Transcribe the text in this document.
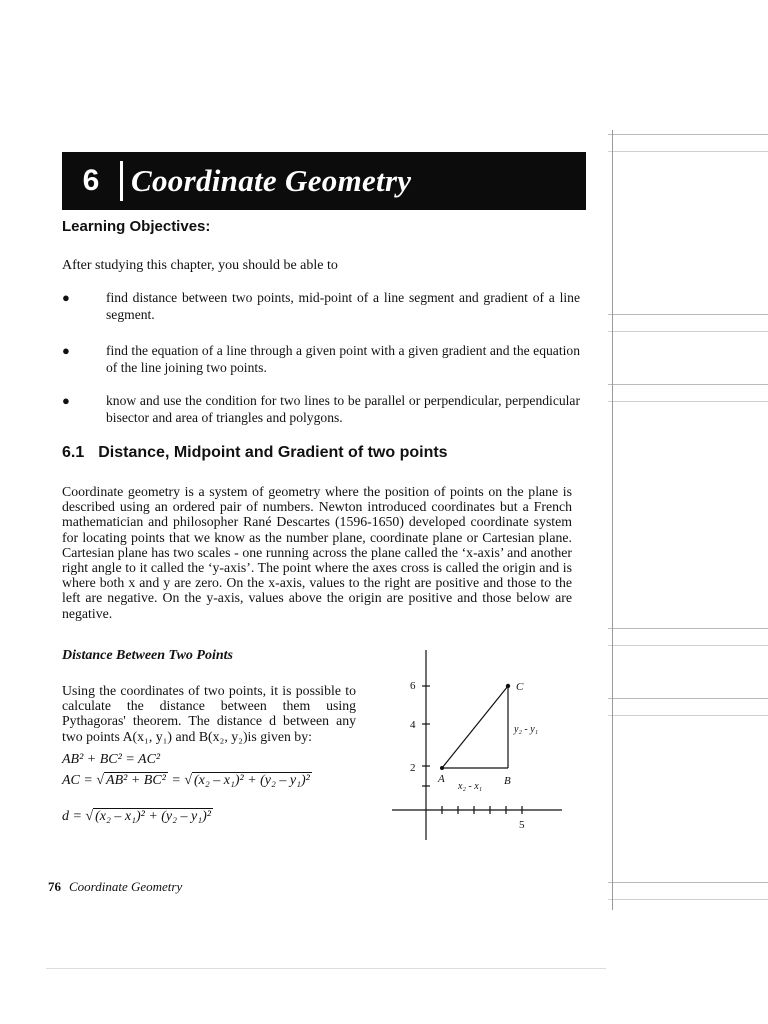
6	Coordinate Geometry
Learning Objectives:
After studying this chapter, you should be able to
●	find distance between two points, mid-point of a line segment and gradient of a line segment.
●	find the equation of a line through a given point with a given gradient and the equation of the line joining two points.
●	know and use the condition for two lines to be parallel or perpendicular, perpendicular bisector and area of triangles and polygons.
6.1 Distance, Midpoint and Gradient of two points
Coordinate geometry is a system of geometry where the position of points on the plane is described using an ordered pair of numbers. Newton introduced coordinates but a French mathematician and philosopher Rané Descartes (1596-1650) developed coordinate system for locating points that we know as the number plane, coordinate plane or Cartesian plane. Cartesian plane has two scales - one running across the plane called the ‘x-axis’ and another right angle to it called the ‘y-axis’. The point where the axes cross is called the origin and is where both x and y are zero. On the x-axis, values to the right are positive and those to the left are negative. On the y-axis, values above the origin are positive and those below are negative.
Distance Between Two Points
Using the coordinates of two points, it is possible to calculate the distance between them using Pythagoras' theorem. The distance d between any two points A(x₁, y₁) and B(x₂, y₂)is given by:
AB² + BC² = AC²
AC = √ AB² + BC² = √ (x₂ – x₁)² + (y₂ – y₁)²
d = √ (x₂ – x₁)² + (y₂ – y₁)²
6
4
2
5
A	B
C
x₂ - x₁
y₂ - y₁
76 Coordinate Geometry
